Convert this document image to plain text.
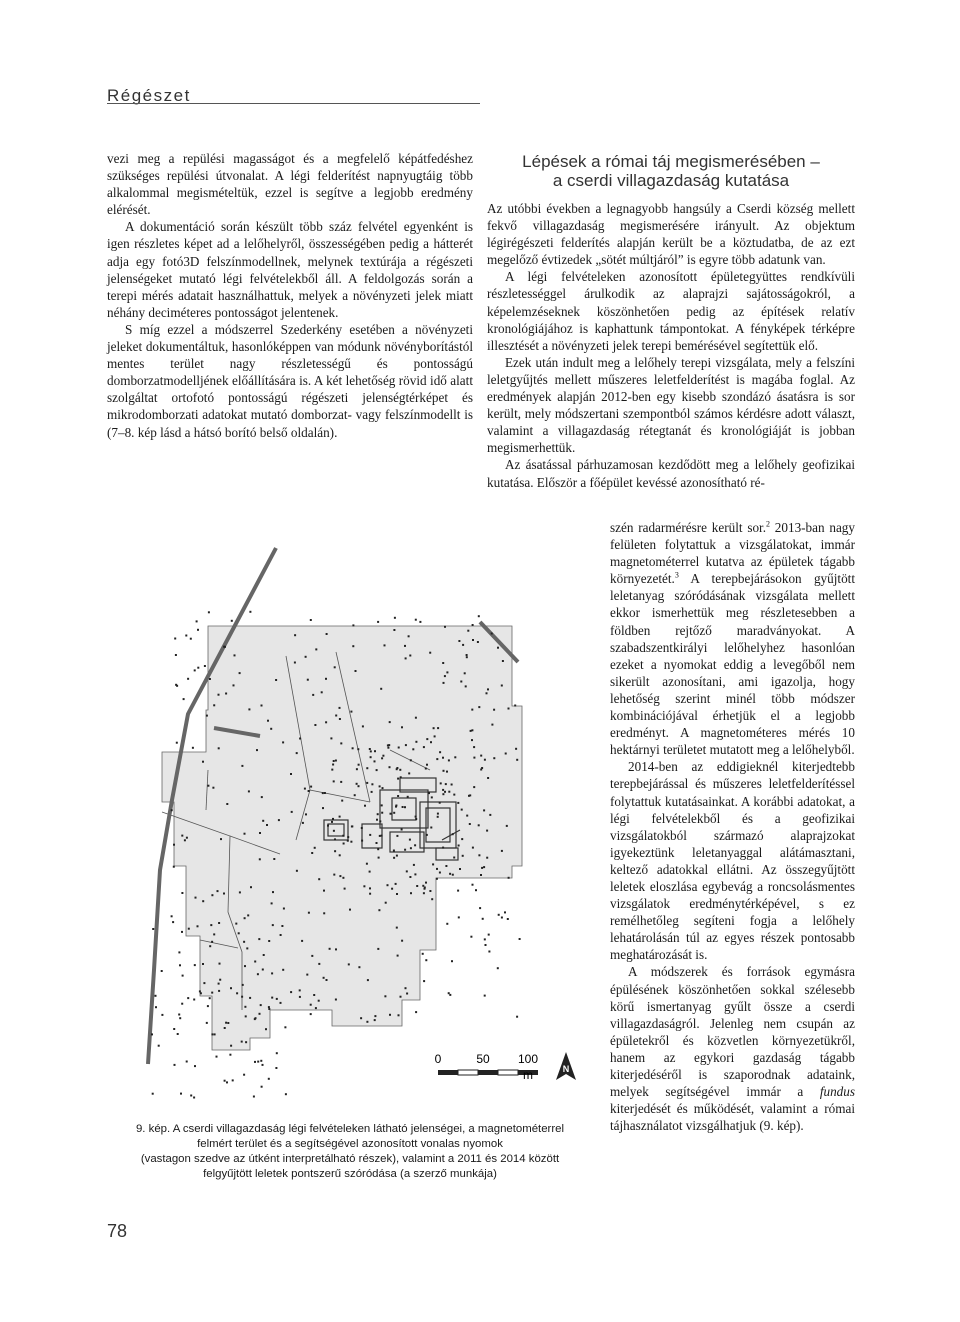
Régészet

vezi meg a repülési magasságot és a megfelelő képátfedéshez szükséges repülési útvonalat. A légi felderítést napnyugtáig több alkalommal megismételtük, ezzel is segítve a legjobb eredmény elérését.

A dokumentáció során készült több száz felvétel egyenként is igen részletes képet ad a lelőhelyről, összességében pedig a hátterét adja egy fotó3D felszínmodellnek, melynek textúrája a régészeti jelenségeket mutató légi felvételekből áll. A feldolgozás során a terepi mérés adatait használhattuk, melyek a növényzeti jelek miatt néhány deciméteres pontosságot jelentenek.

S míg ezzel a módszerrel Szederkény esetében a növényzeti jeleket dokumentáltuk, hasonlóképpen van módunk növényborítástól mentes terület nagy részletességű és pontosságú domborzatmodelljének előállítására is. A két lehetőség rövid idő alatt szolgáltat ortofotó pontosságú régészeti jelenségtérképet és mikrodomborzati adatokat mutató domborzat- vagy felszínmodellt is (7–8. kép lásd a hátsó borító belső oldalán).

Lépések a római táj megismerésében –
a cserdi villagazdaság kutatása

Az utóbbi években a legnagyobb hangsúly a Cserdi község mellett fekvő villagazdaság megismerésére irányult. Az objektum légirégészeti felderítés alapján került be a köztudatba, de az ezt megelőző évtizedek „sötét múltjáról” is egyre több adatunk van.

A légi felvételeken azonosított épületegyüttes rendkívüli részletességgel árulkodik az alaprajzi sajátosságokról, a képelemzéseknek köszönhetően pedig az építések relatív kronológiájához is kaphattunk támpontokat. A fényképek térképre illesztését a növényzeti jelek terepi bemérésével segítettük elő.

Ezek után indult meg a lelőhely terepi vizsgálata, mely a felszíni leletgyűjtés mellett műszeres leletfelderítést is magába foglal. Az eredmények alapján 2012-ben egy kisebb szondázó ásatásra is sor került, mely módszertani szempontból számos kérdésre adott választ, valamint a villagazdaság rétegtanát és kronológiáját is jobban megismerhettük.

Az ásatással párhuzamosan kezdődött meg a lelőhely geofizikai kutatása. Először a főépület kevéssé azonosítható ré-

szén radarmérésre került sor.$^2$ 2013-ban nagy felületen folytattuk a vizsgálatokat, immár magnetométerrel kutatva az épületek tágabb környezetét.$^3$ A terepbejárásokon gyűjtött leletanyag szóródásának vizsgálata mellett ekkor ismerhettük meg részletesebben a földben rejtőző maradványokat. A szabadszentkirályi lelőhelyhez hasonlóan ezeket a nyomokat eddig a levegőből nem sikerült azonosítani, ami igazolja, hogy lehetőség szerint minél több módszer kombinációjával érhetjük el a legjobb eredményt. A magnetométeres mérés 10 hektárnyi területet mutatott meg a lelőhelyből.

2014-ben az eddigieknél kiterjedtebb terepbejárással és műszeres leletfelderítéssel folytattuk kutatásainkat. A korábbi adatokat, a légi felvételekből és a geofizikai vizsgálatokból származó alaprajzokat igyekeztünk leletanyaggal alátámasztani, keltező adatokkal ellátni. Az összegyűjtött leletek eloszlása egybevág a roncsolásmentes vizsgálatok eredménytérképével, s ez remélhetőleg segíteni fogja a lelőhely lehatárolásán túl az egyes részek pontosabb meghatározását is.

A módszerek és források egymásra épülésének köszönhetően sokkal szélesebb körű ismertanyag gyűlt össze a cserdi villagazdaságról. Jelenleg nem csupán az épületekről és közvetlen környezetükről, hanem az egykori gazdaság tágabb kiterjedéséről is szaporodnak adataink, melyek segítségével immár a fundus kiterjedését és működését, valamint a római tájhasználatot vizsgálhatjuk (9. kép).

0	50 100
m	N
9. kép. A cserdi villagazdaság légi felvételeken látható jelenségei, a magnetométerrel
felmért terület és a segítségével azonosított vonalas nyomok
(vastagon szedve az útként interpretálható részek), valamint a 2011 és 2014 között
felgyűjtött leletek pontszerű szóródása (a szerző munkája)
78
